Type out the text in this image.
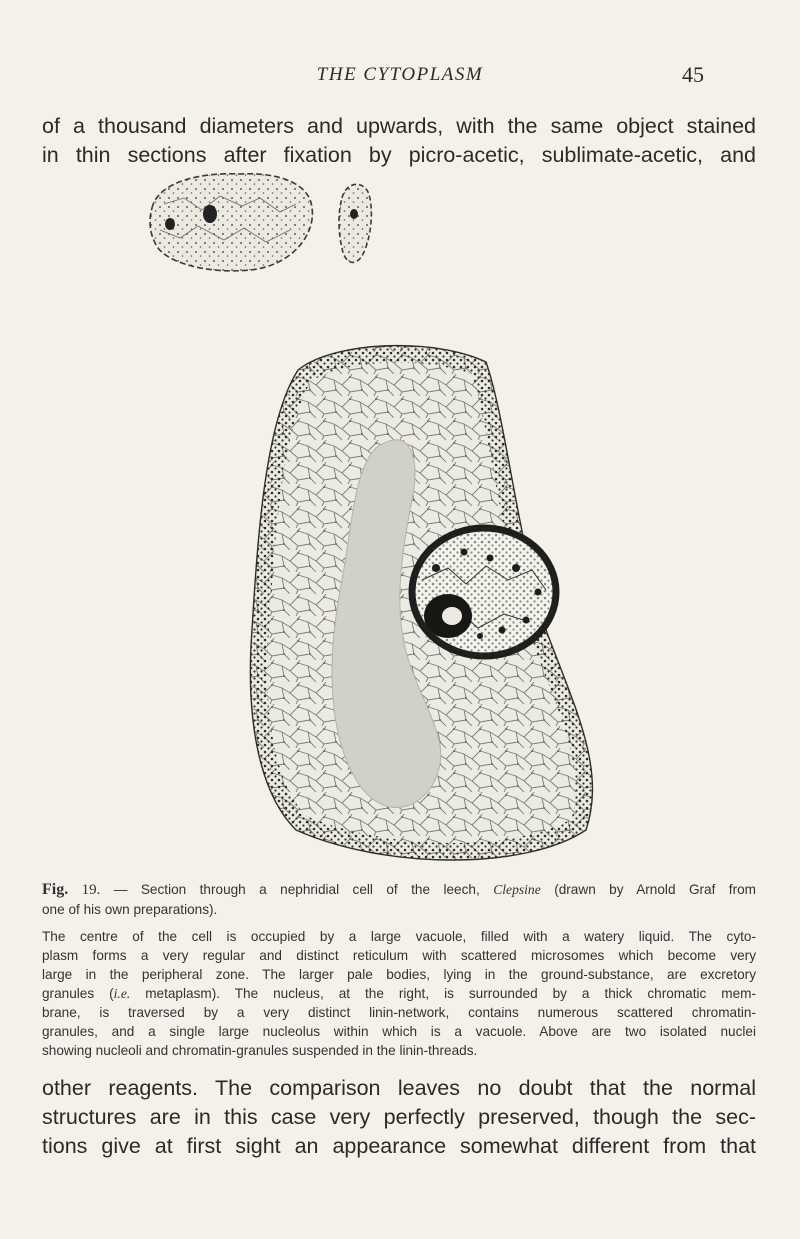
THE CYTOPLASM	45

of a thousand diameters and upwards, with the same object stained
in thin sections after fixation by picro-acetic, sublimate-acetic, and

Fig. 19. — Section through a nephridial cell of the leech, Clepsine (drawn by Arnold Graf from
one of his own preparations).
The centre of the cell is occupied by a large vacuole, filled with a watery liquid. The cyto-
plasm forms a very regular and distinct reticulum with scattered microsomes which become very
large in the peripheral zone. The larger pale bodies, lying in the ground-substance, are excretory
granules (i.e. metaplasm). The nucleus, at the right, is surrounded by a thick chromatic mem-
brane, is traversed by a very distinct linin-network, contains numerous scattered chromatin-
granules, and a single large nucleolus within which is a vacuole. Above are two isolated nuclei
showing nucleoli and chromatin-granules suspended in the linin-threads.

other reagents. The comparison leaves no doubt that the normal
structures are in this case very perfectly preserved, though the sec-
tions give at first sight an appearance somewhat different from that
